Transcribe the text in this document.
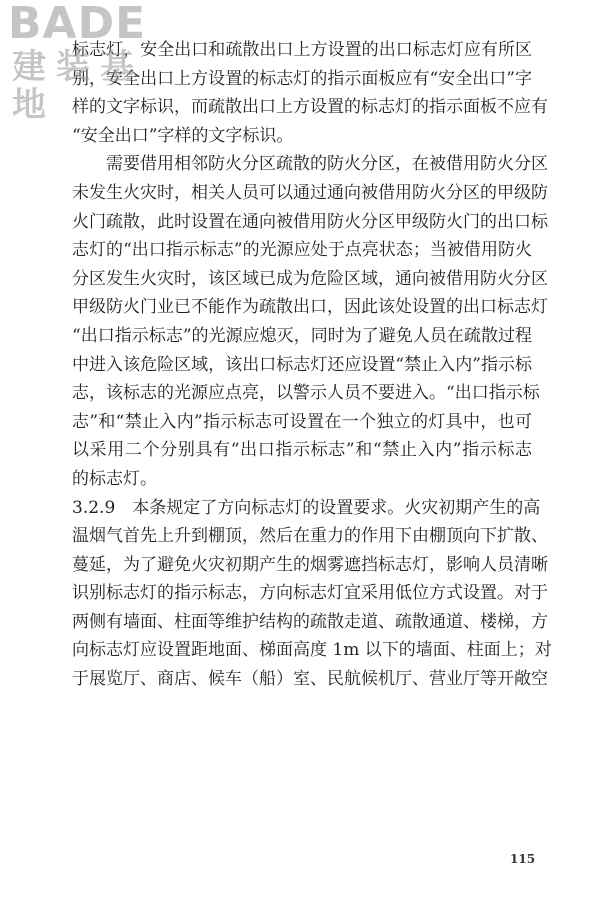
BADE
建装基地
标志灯，安全出口和疏散出口上方设置的出口标志灯应有所区
别，安全出口上方设置的标志灯的指示面板应有“安全出口”字
样的文字标识，而疏散出口上方设置的标志灯的指示面板不应有
“安全出口”字样的文字标识。
需要借用相邻防火分区疏散的防火分区，在被借用防火分区
未发生火灾时，相关人员可以通过通向被借用防火分区的甲级防
火门疏散，此时设置在通向被借用防火分区甲级防火门的出口标
志灯的“出口指示标志”的光源应处于点亮状态；当被借用防火
分区发生火灾时，该区域已成为危险区域，通向被借用防火分区
甲级防火门业已不能作为疏散出口，因此该处设置的出口标志灯
“出口指示标志”的光源应熄灭，同时为了避免人员在疏散过程
中进入该危险区域，该出口标志灯还应设置“禁止入内”指示标
志，该标志的光源应点亮，以警示人员不要进入。“出口指示标
志”和“禁止入内”指示标志可设置在一个独立的灯具中，也可
以采用二个分别具有“出口指示标志”和“禁止入内”指示标志
的标志灯。
3.2.9　本条规定了方向标志灯的设置要求。火灾初期产生的高
温烟气首先上升到棚顶，然后在重力的作用下由棚顶向下扩散、
蔓延，为了避免火灾初期产生的烟雾遮挡标志灯，影响人员清晰
识别标志灯的指示标志，方向标志灯宜采用低位方式设置。对于
两侧有墙面、柱面等维护结构的疏散走道、疏散通道、楼梯，方
向标志灯应设置距地面、梯面高度 1m 以下的墙面、柱面上；对
于展览厅、商店、候车（船）室、民航候机厅、营业厅等开敞空
115
